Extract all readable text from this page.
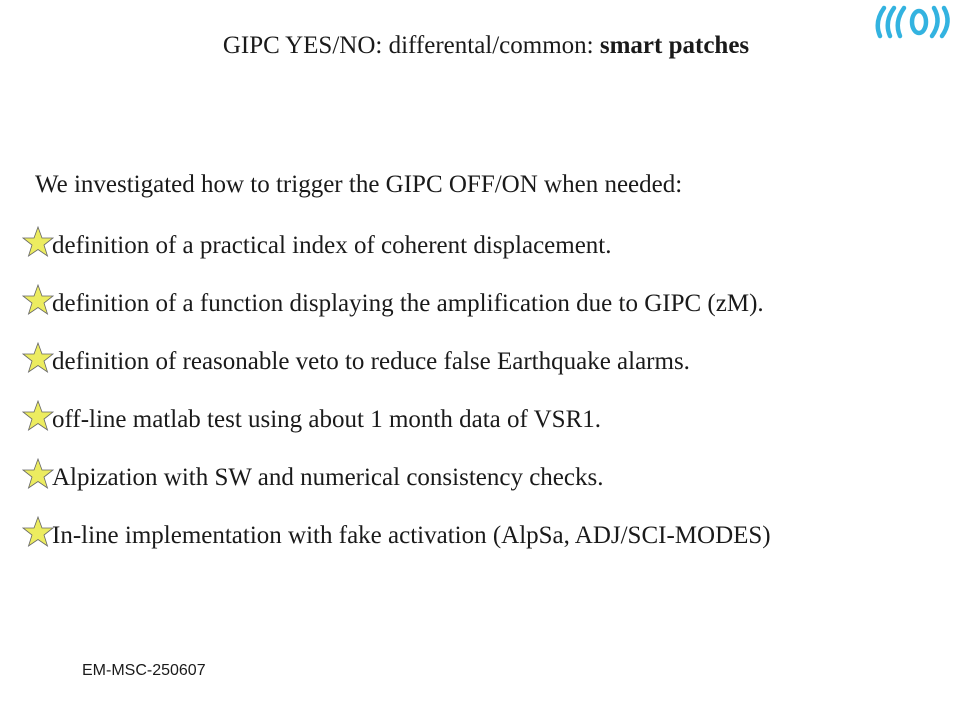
GIPC YES/NO: differental/common: smart patches
We investigated how to trigger the GIPC OFF/ON when needed:
definition of a practical index of coherent displacement.
definition of a function displaying the amplification due to GIPC (zM).
definition of reasonable veto to reduce false Earthquake alarms.
off-line matlab test using about 1 month data of VSR1.
Alpization with SW and numerical consistency checks.
In-line implementation with fake activation (AlpSa, ADJ/SCI-MODES)
EM-MSC-250607
